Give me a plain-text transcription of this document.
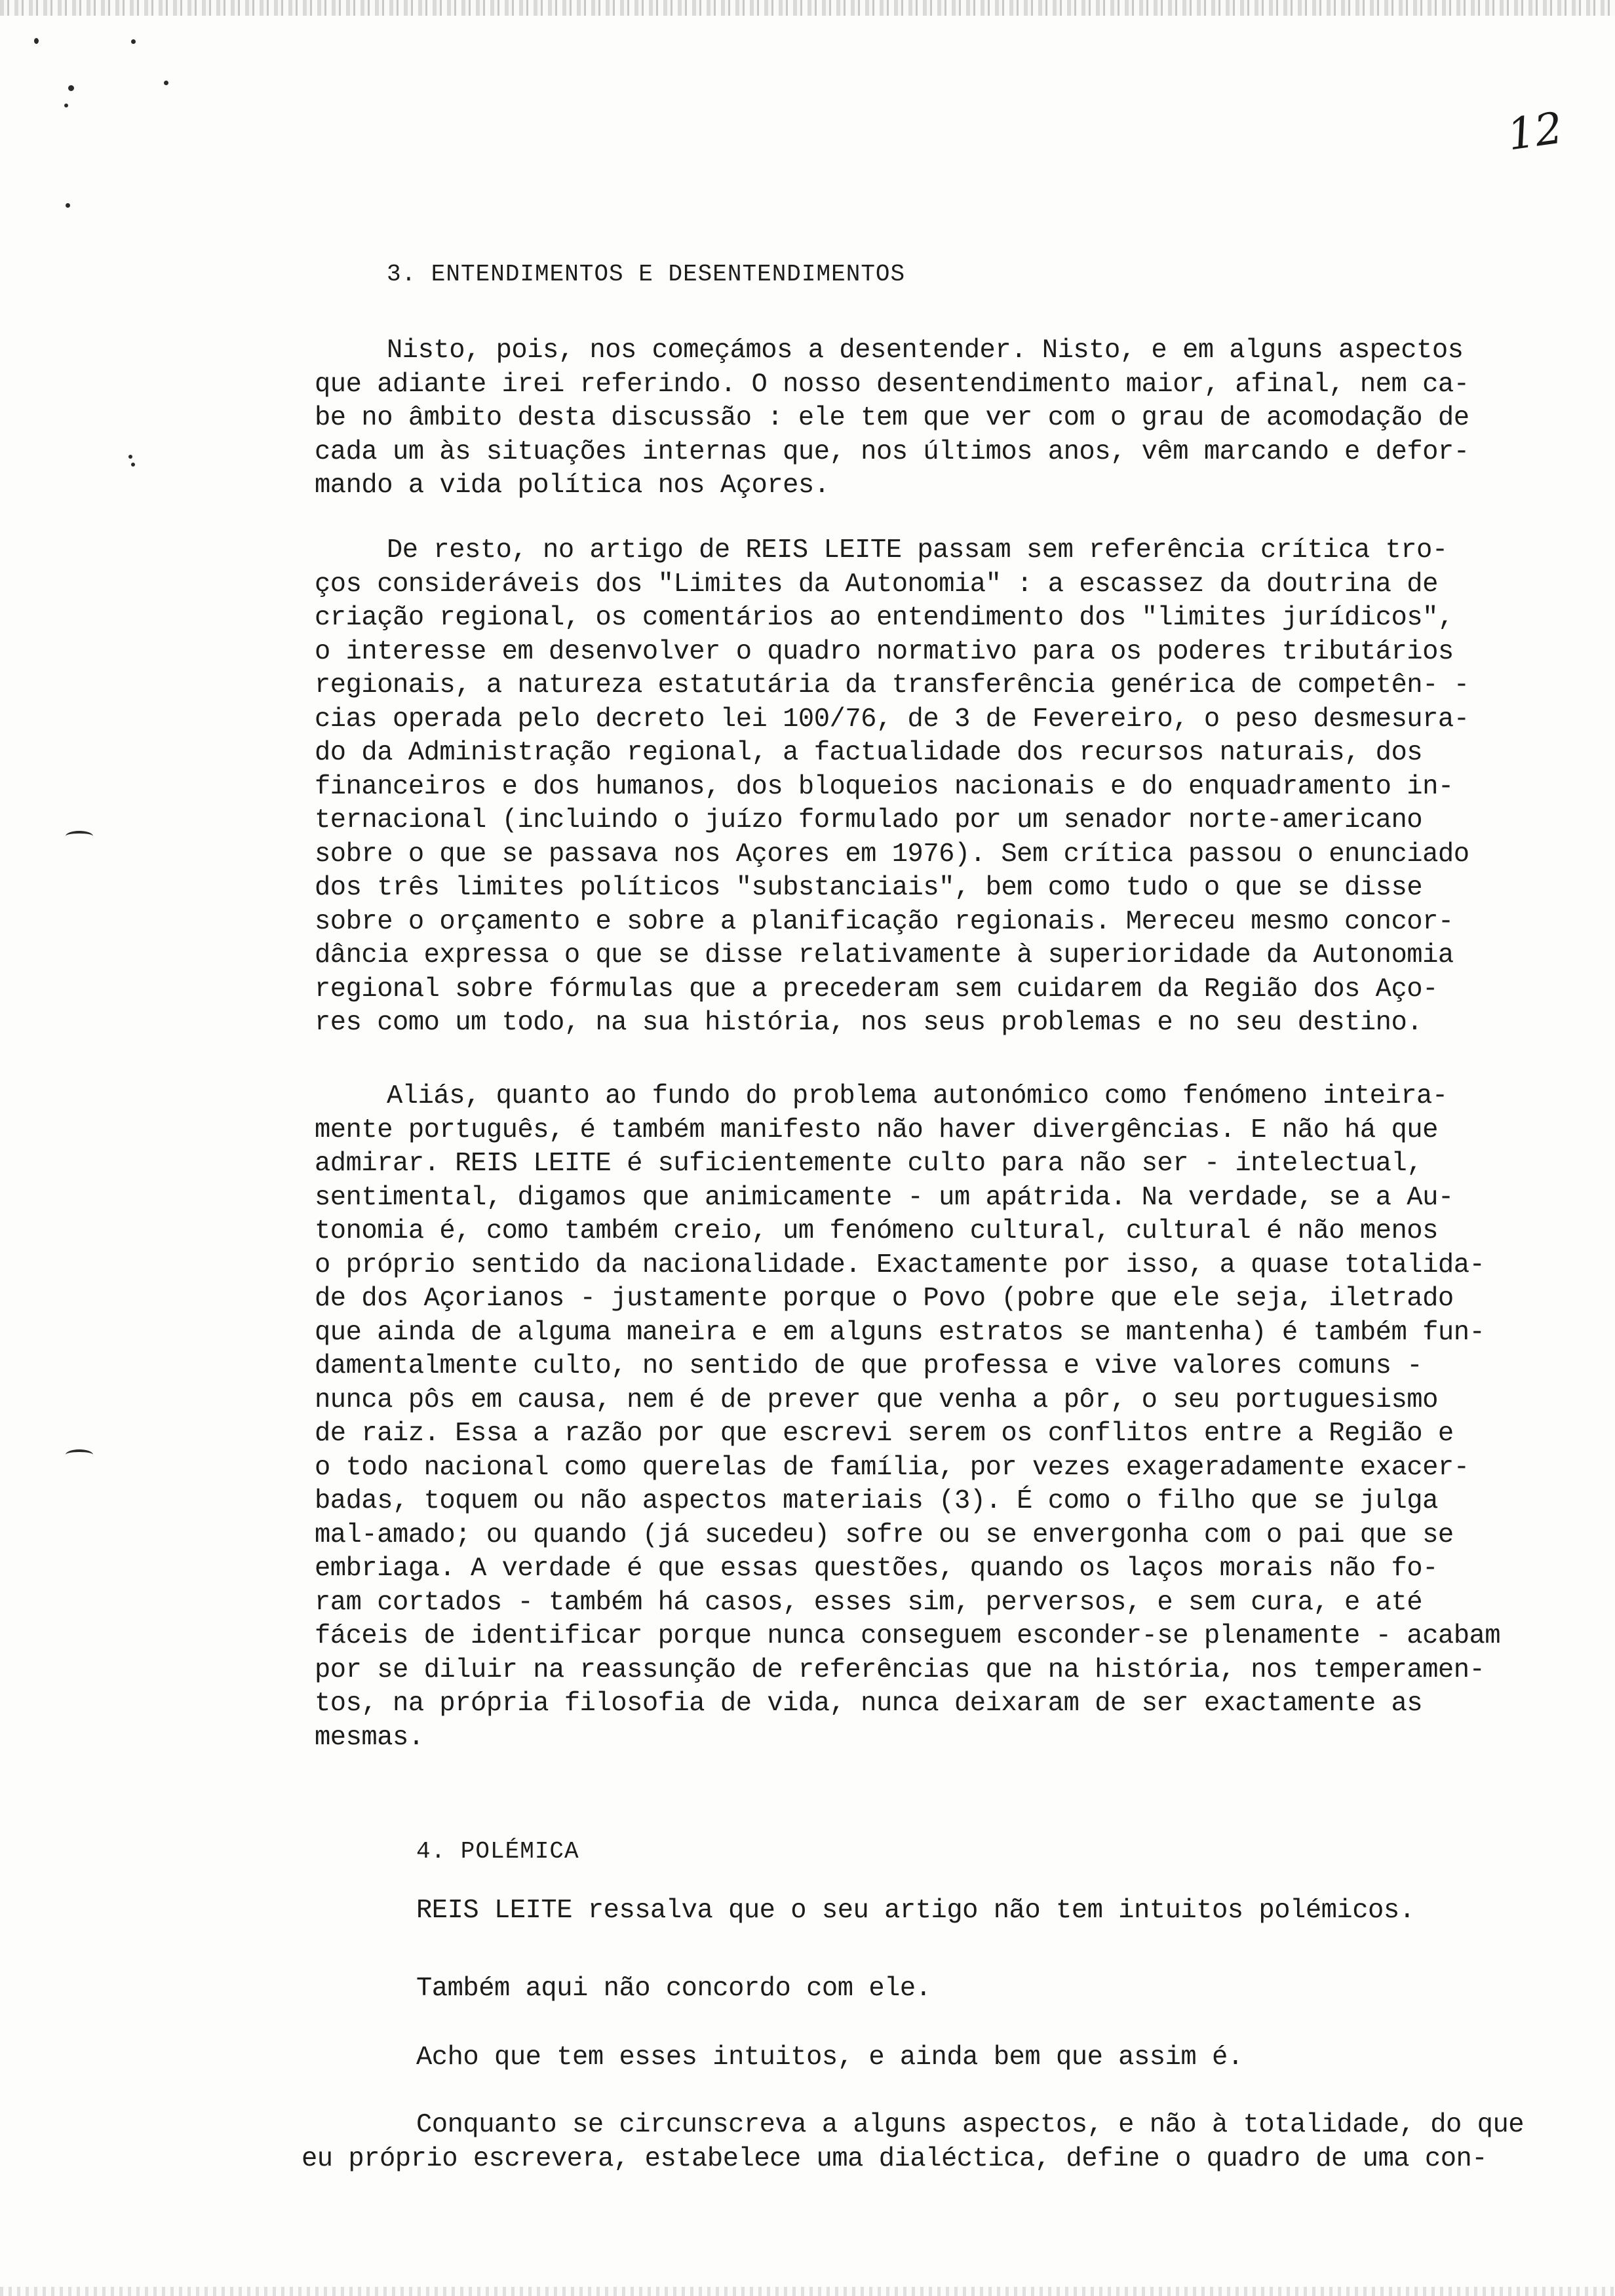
12
3. ENTENDIMENTOS E DESENTENDIMENTOS
Nisto, pois, nos começámos a desentender. Nisto, e em alguns aspectos
que adiante irei referindo. O nosso desentendimento maior, afinal, nem ca-
be no âmbito desta discussão : ele tem que ver com o grau de acomodação de
cada um às situações internas que, nos últimos anos, vêm marcando e defor-
mando a vida política nos Açores.
De resto, no artigo de REIS LEITE passam sem referência crítica tro-
ços consideráveis dos "Limites da Autonomia" : a escassez da doutrina de
criação regional, os comentários ao entendimento dos "limites jurídicos",
o interesse em desenvolver o quadro normativo para os poderes tributários
regionais, a natureza estatutária da transferência genérica de competên- -
cias operada pelo decreto lei 100/76, de 3 de Fevereiro, o peso desmesura-
do da Administração regional, a factualidade dos recursos naturais, dos
financeiros e dos humanos, dos bloqueios nacionais e do enquadramento in-
ternacional (incluindo o juízo formulado por um senador norte-americano
sobre o que se passava nos Açores em 1976). Sem crítica passou o enunciado
dos três limites políticos "substanciais", bem como tudo o que se disse
sobre o orçamento e sobre a planificação regionais. Mereceu mesmo concor-
dância expressa o que se disse relativamente à superioridade da Autonomia
regional sobre fórmulas que a precederam sem cuidarem da Região dos Aço-
res como um todo, na sua história, nos seus problemas e no seu destino.
Aliás, quanto ao fundo do problema autonómico como fenómeno inteira-
mente português, é também manifesto não haver divergências. E não há que
admirar. REIS LEITE é suficientemente culto para não ser - intelectual,
sentimental, digamos que animicamente - um apátrida. Na verdade, se a Au-
tonomia é, como também creio, um fenómeno cultural, cultural é não menos
o próprio sentido da nacionalidade. Exactamente por isso, a quase totalida-
de dos Açorianos - justamente porque o Povo (pobre que ele seja, iletrado
que ainda de alguma maneira e em alguns estratos se mantenha) é também fun-
damentalmente culto, no sentido de que professa e vive valores comuns -
nunca pôs em causa, nem é de prever que venha a pôr, o seu portuguesismo
de raiz. Essa a razão por que escrevi serem os conflitos entre a Região e
o todo nacional como querelas de família, por vezes exageradamente exacer-
badas, toquem ou não aspectos materiais (3). É como o filho que se julga
mal-amado; ou quando (já sucedeu) sofre ou se envergonha com o pai que se
embriaga. A verdade é que essas questões, quando os laços morais não fo-
ram cortados - também há casos, esses sim, perversos, e sem cura, e até
fáceis de identificar porque nunca conseguem esconder-se plenamente - acabam
por se diluir na reassunção de referências que na história, nos temperamen-
tos, na própria filosofia de vida, nunca deixaram de ser exactamente as
mesmas.
4. POLÉMICA
REIS LEITE ressalva que o seu artigo não tem intuitos polémicos.
Também aqui não concordo com ele.
Acho que tem esses intuitos, e ainda bem que assim é.
Conquanto se circunscreva a alguns aspectos, e não à totalidade, do que
eu próprio escrevera, estabelece uma dialéctica, define o quadro de uma con-
